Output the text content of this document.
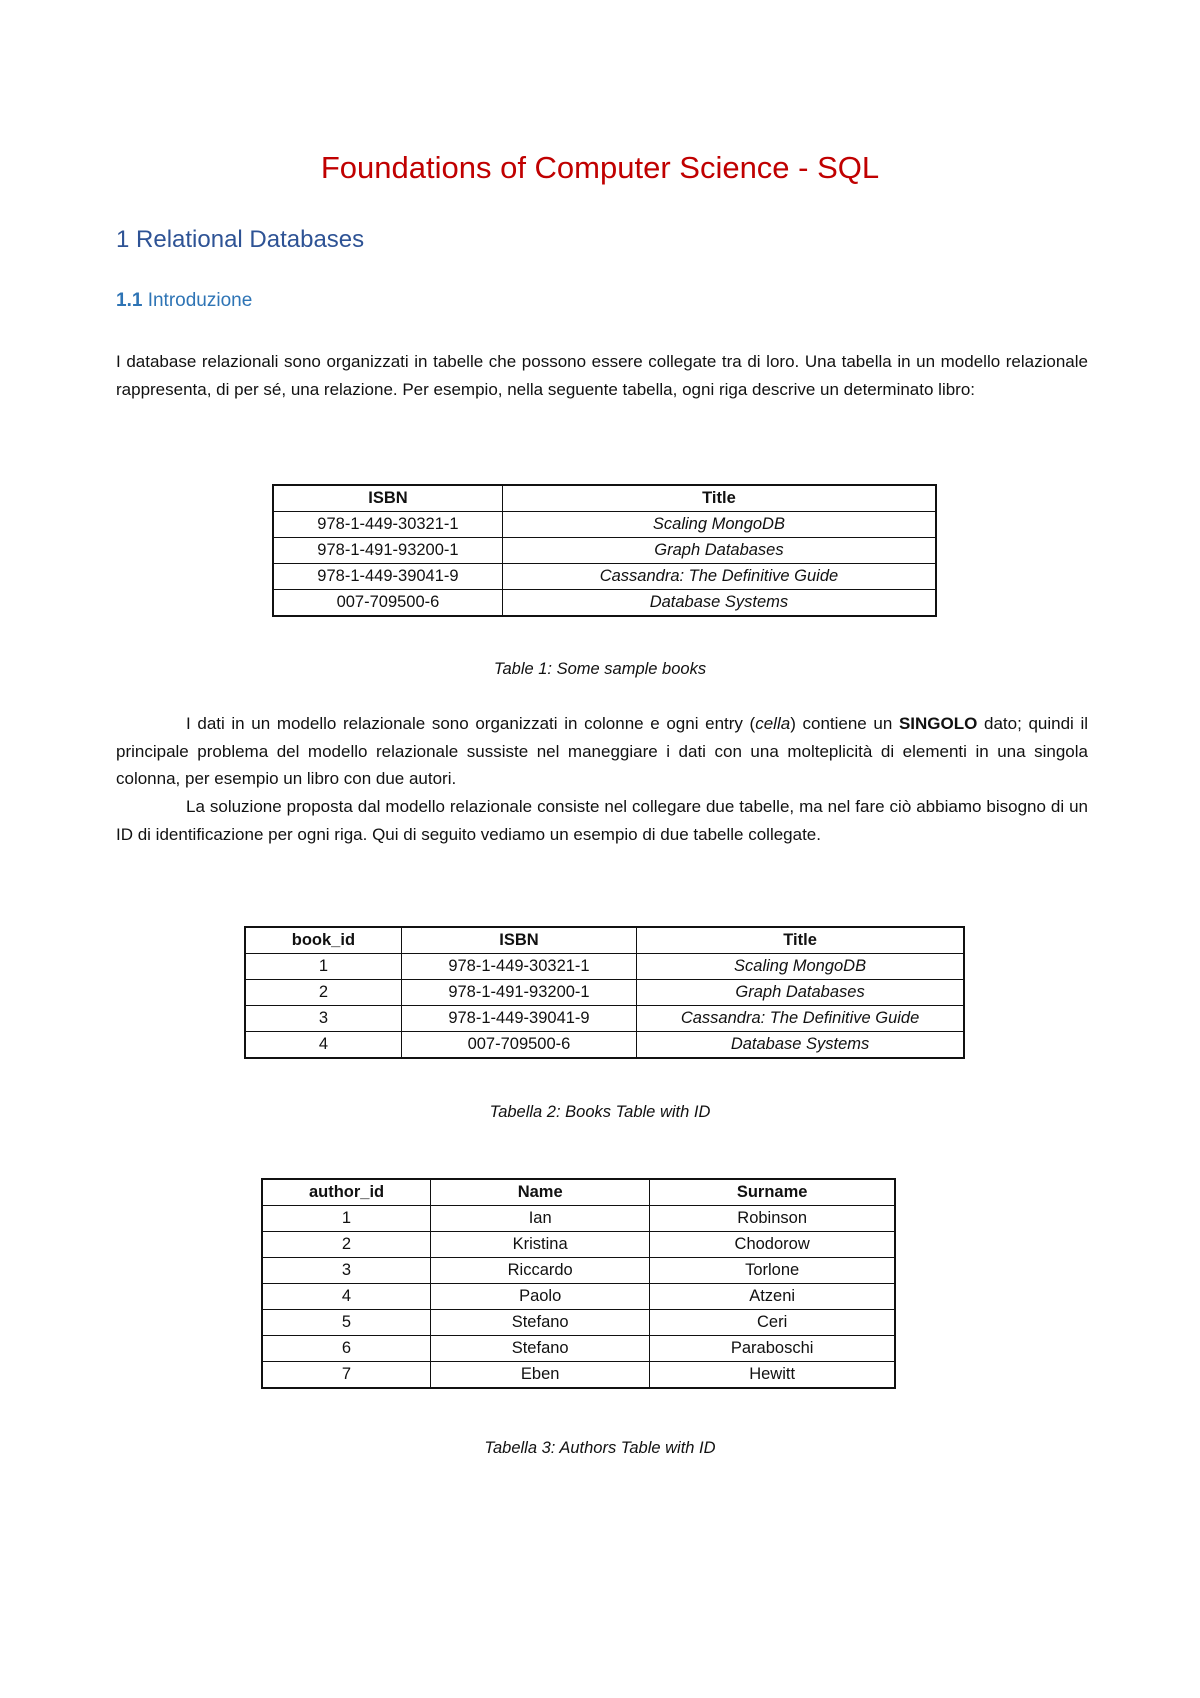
Foundations of Computer Science - SQL
1 Relational Databases
1.1 Introduzione

I database relazionali sono organizzati in tabelle che possono essere collegate tra di loro. Una tabella in un modello relazionale rappresenta, di per sé, una relazione. Per esempio, nella seguente tabella, ogni riga descrive un determinato libro:

ISBN	Title
978-1-449-30321-1	Scaling MongoDB
978-1-491-93200-1	Graph Databases
978-1-449-39041-9	Cassandra: The Definitive Guide
007-709500-6	Database Systems

Table 1: Some sample books

I dati in un modello relazionale sono organizzati in colonne e ogni entry (cella) contiene un SINGOLO dato; quindi il principale problema del modello relazionale sussiste nel maneggiare i dati con una molteplicità di elementi in una singola colonna, per esempio un libro con due autori.

La soluzione proposta dal modello relazionale consiste nel collegare due tabelle, ma nel fare ciò abbiamo bisogno di un ID di identificazione per ogni riga. Qui di seguito vediamo un esempio di due tabelle collegate.

book_id	ISBN	Title
1	978-1-449-30321-1	Scaling MongoDB
2	978-1-491-93200-1	Graph Databases
3	978-1-449-39041-9	Cassandra: The Definitive Guide
4	007-709500-6	Database Systems

Tabella 2: Books Table with ID

author_id	Name	Surname
1	Ian	Robinson
2	Kristina	Chodorow
3	Riccardo	Torlone
4	Paolo	Atzeni
5	Stefano	Ceri
6	Stefano	Paraboschi
7	Eben	Hewitt

Tabella 3: Authors Table with ID
